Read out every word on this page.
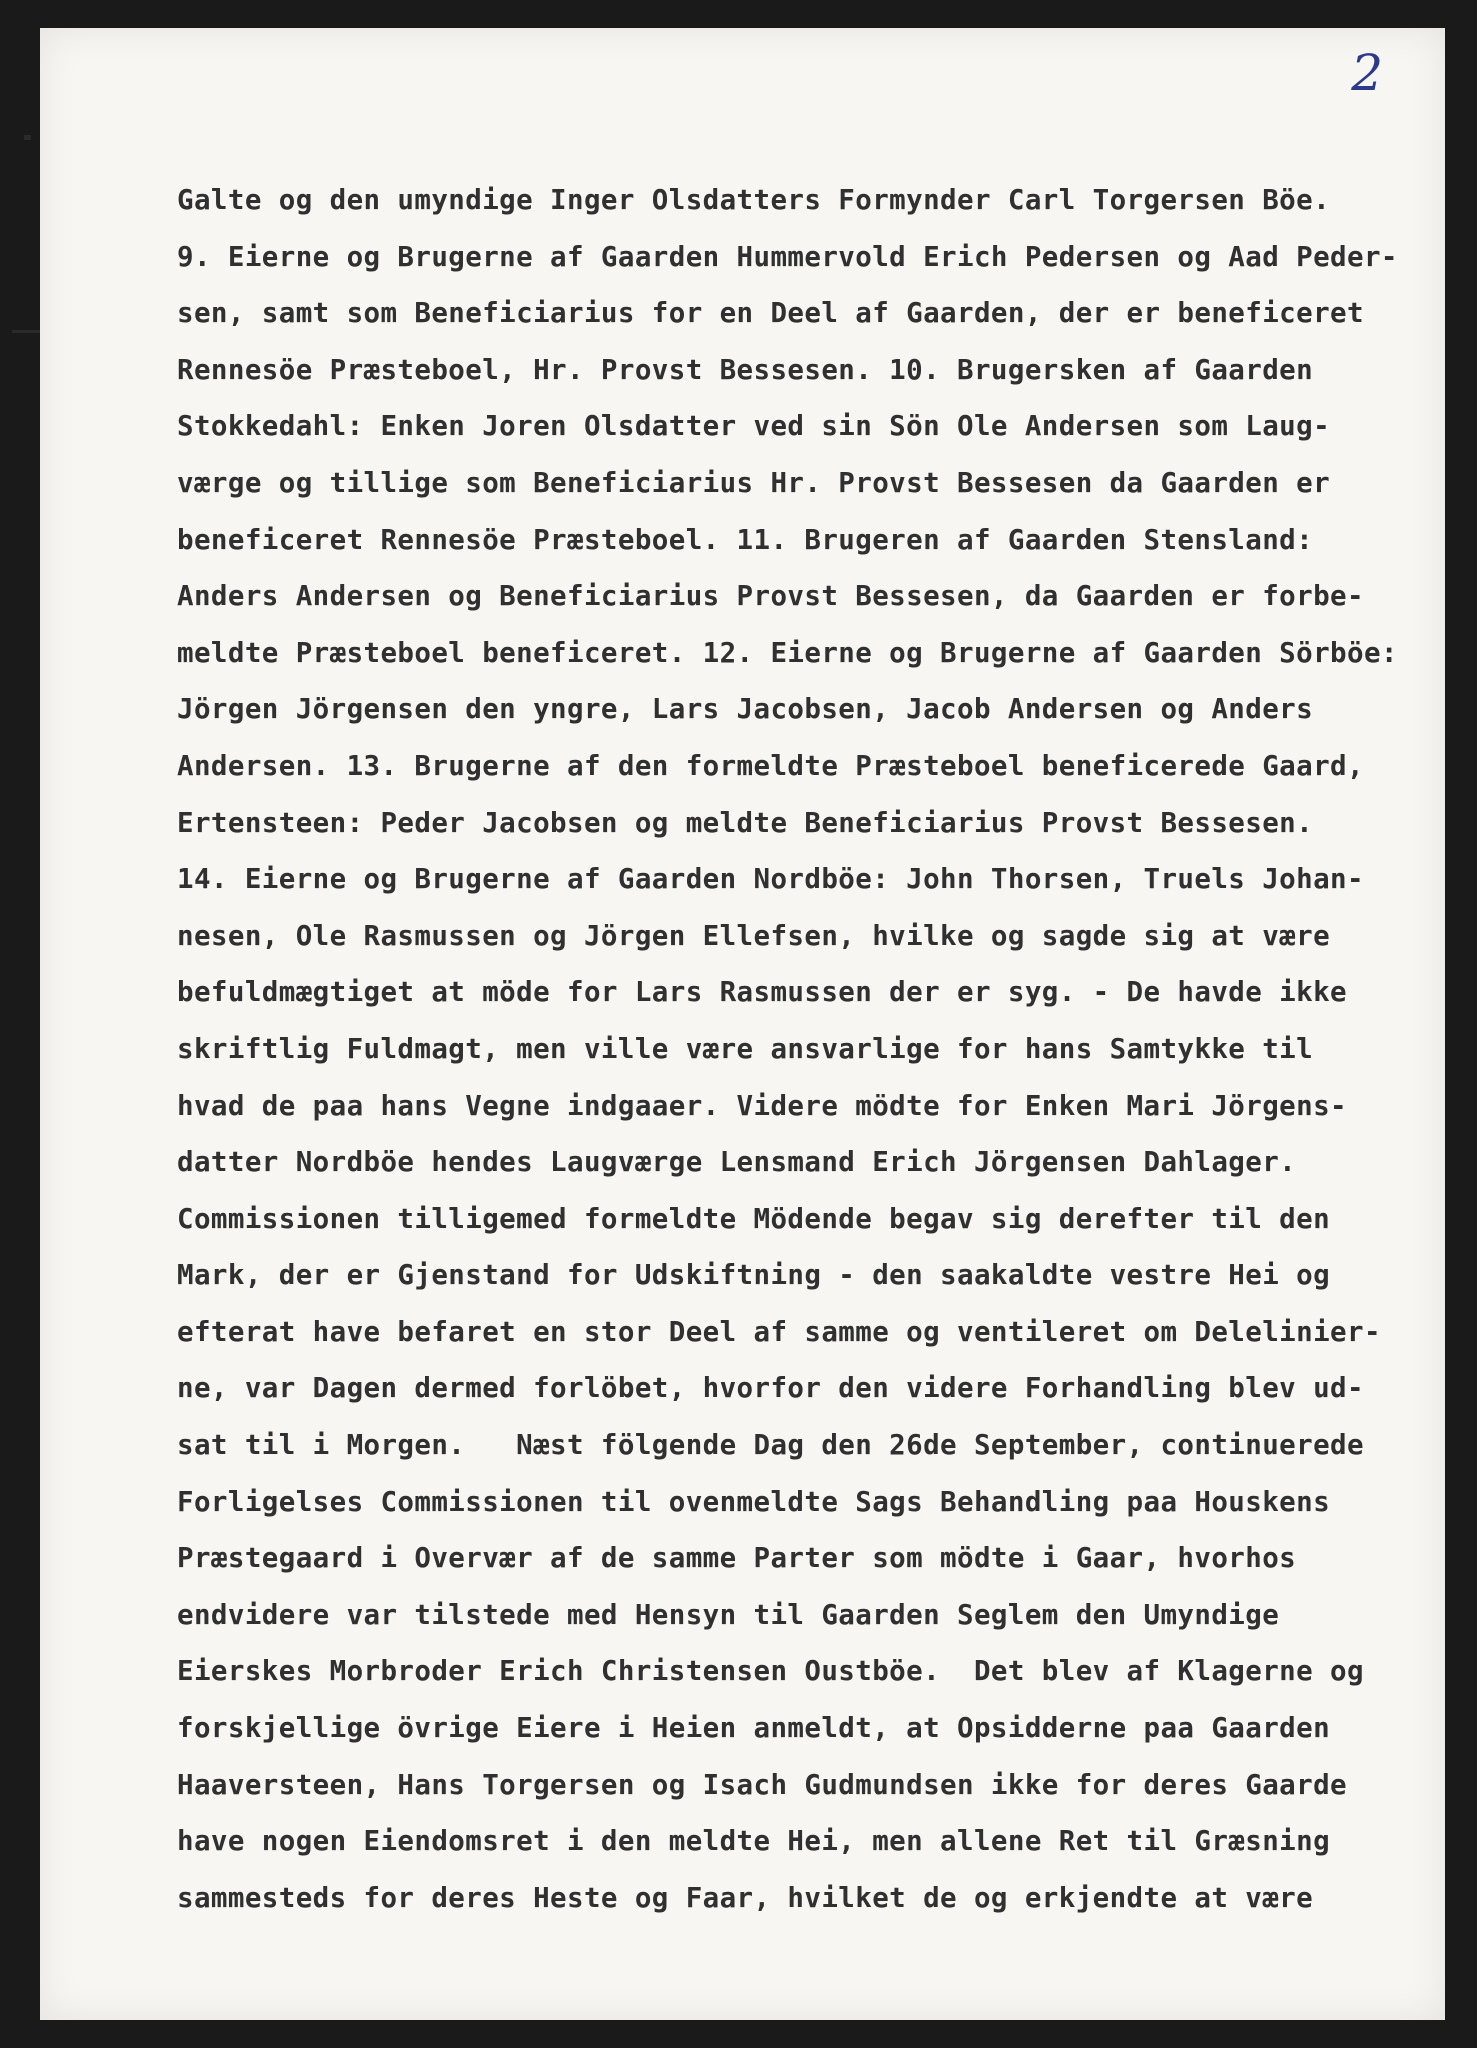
2
Galte og den umyndige Inger Olsdatters Formynder Carl Torgersen Böe.
9. Eierne og Brugerne af Gaarden Hummervold Erich Pedersen og Aad Peder-
sen, samt som Beneficiarius for en Deel af Gaarden, der er beneficeret
Rennesöe Præsteboel, Hr. Provst Bessesen. 10. Brugersken af Gaarden
Stokkedahl: Enken Joren Olsdatter ved sin Sön Ole Andersen som Laug-
værge og tillige som Beneficiarius Hr. Provst Bessesen da Gaarden er
beneficeret Rennesöe Præsteboel. 11. Brugeren af Gaarden Stensland:
Anders Andersen og Beneficiarius Provst Bessesen, da Gaarden er forbe-
meldte Præsteboel beneficeret. 12. Eierne og Brugerne af Gaarden Sörböe:
Jörgen Jörgensen den yngre, Lars Jacobsen, Jacob Andersen og Anders
Andersen. 13. Brugerne af den formeldte Præsteboel beneficerede Gaard,
Ertensteen: Peder Jacobsen og meldte Beneficiarius Provst Bessesen.
14. Eierne og Brugerne af Gaarden Nordböe: John Thorsen, Truels Johan-
nesen, Ole Rasmussen og Jörgen Ellefsen, hvilke og sagde sig at være
befuldmægtiget at möde for Lars Rasmussen der er syg. - De havde ikke
skriftlig Fuldmagt, men ville være ansvarlige for hans Samtykke til
hvad de paa hans Vegne indgaaer. Videre mödte for Enken Mari Jörgens-
datter Nordböe hendes Laugværge Lensmand Erich Jörgensen Dahlager.
Commissionen tilligemed formeldte Mödende begav sig derefter til den
Mark, der er Gjenstand for Udskiftning - den saakaldte vestre Hei og
efterat have befaret en stor Deel af samme og ventileret om Delelinier-
ne, var Dagen dermed forlöbet, hvorfor den videre Forhandling blev ud-
sat til i Morgen.   Næst fölgende Dag den 26de September, continuerede
Forligelses Commissionen til ovenmeldte Sags Behandling paa Houskens
Præstegaard i Overvær af de samme Parter som mödte i Gaar, hvorhos
endvidere var tilstede med Hensyn til Gaarden Seglem den Umyndige
Eierskes Morbroder Erich Christensen Oustböe.  Det blev af Klagerne og
forskjellige övrige Eiere i Heien anmeldt, at Opsidderne paa Gaarden
Haaversteen, Hans Torgersen og Isach Gudmundsen ikke for deres Gaarde
have nogen Eiendomsret i den meldte Hei, men allene Ret til Græsning
sammesteds for deres Heste og Faar, hvilket de og erkjendte at være
